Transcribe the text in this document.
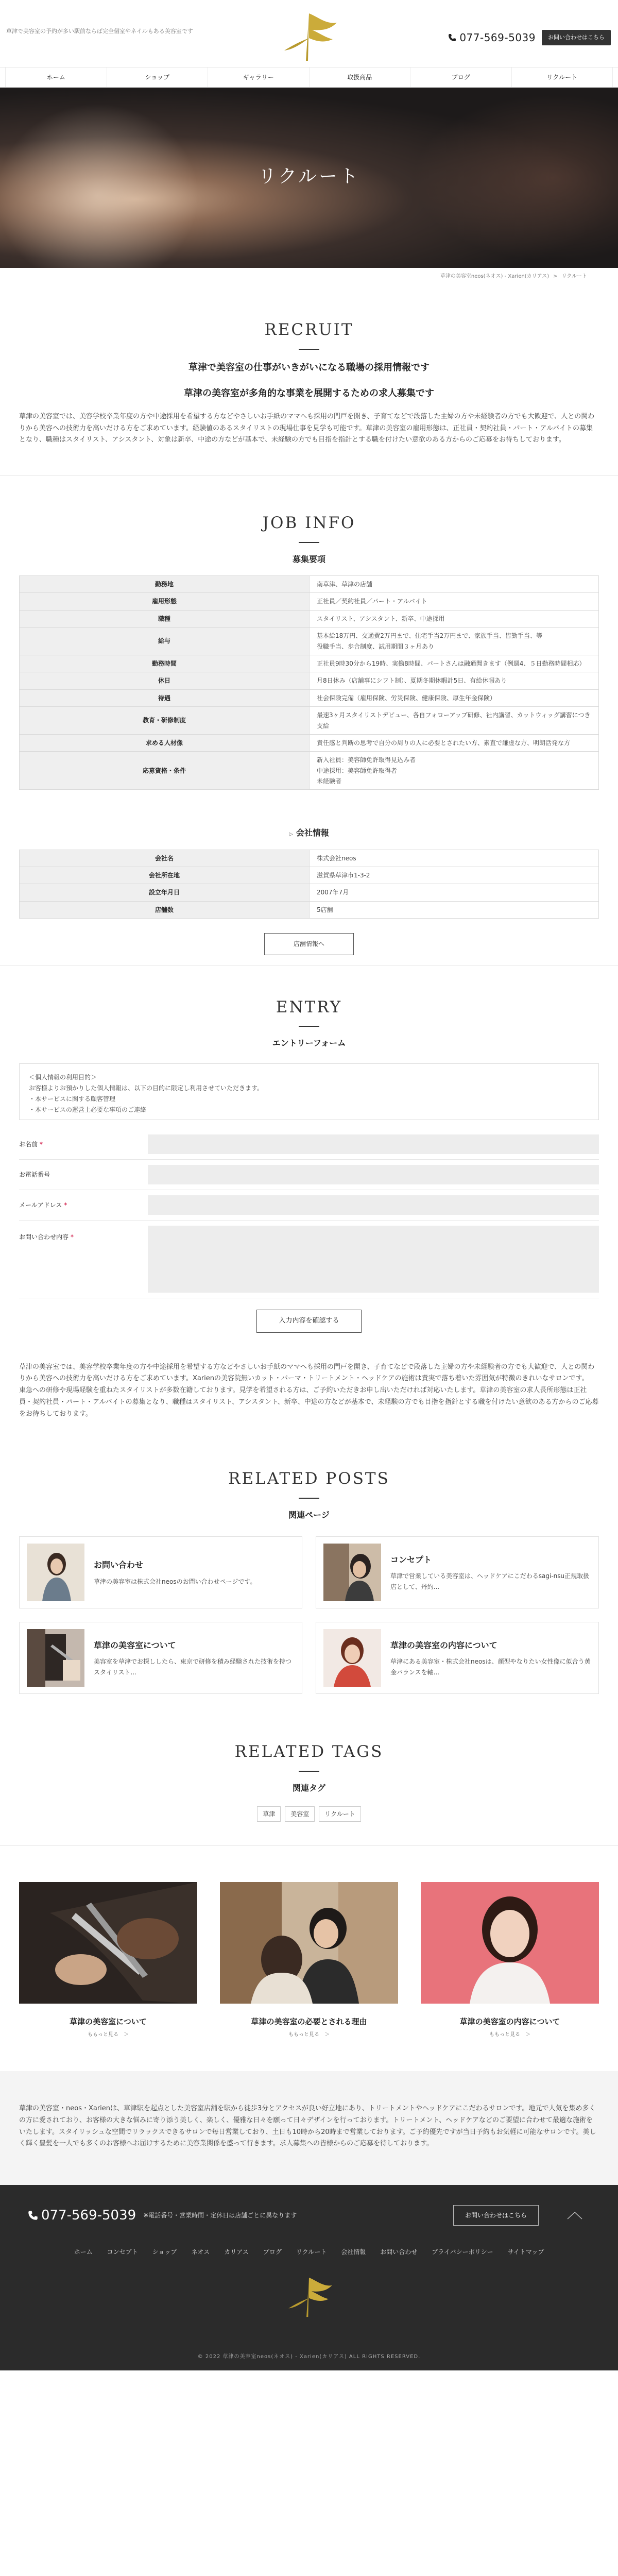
草津で美容室の予約が多い駅前ならば完全個室やネイルもある美容室です
077-569-5039	お問い合わせはこちら
ホーム	ショップ	ギャラリー	取扱商品	ブログ	リクルート
リクルート
草津の美容室neos(ネオス) - Xarien(カリアス) > リクルート
RECRUIT
草津で美容室の仕事がいきがいになる職場の採用情報です
草津の美容室が多角的な事業を展開するための求人募集です
草津の美容室では、美容学校卒業年度の方や中途採用を希望する方などやさしいお手紙のママへも採用の門戸を開き、子育てなどで段落した主婦の方や未経験者の方でも大歓迎で、人との関わりから美容への技術力を高いだける方をご求めています。経験値のあるスタイリストの現場仕事を見学も可能です。草津の美容室の雇用形態は、正社員・契約社員・パート・アルバイトの募集となり、職種はスタイリスト、アシスタント、対象は新卒、中途の方などが基本で、未経験の方でも目指を指針とする職を付けたい意欲のある方からのご応募をお待ちしております。
JOB INFO
募集要項
勤務地	南草津、草津の店舗
雇用形態	正社員／契約社員／パート・アルバイト
職種	スタイリスト、アシスタント、新卒、中途採用
給与	基本給18万円、交通費2万円まで、住宅手当2万円まで、家族手当、皆勤手当、等
役職手当、歩合制度、試用期間３ヶ月あり
勤務時間	正社員9時30分から19時、実働8時間、パートさんは融通聞きます（例週4、５日勤務時間相応）
休日	月8日休み（店舗事にシフト制）、夏期冬期休暇計5日、有給休暇あり
待遇	社会保険完備（雇用保険、労災保険、健康保険、厚生年金保険）
教育・研修制度	最速3ヶ月スタイリストデビュー、各自フォローアップ研修、社内講習、カットウィッグ講習につき支給
求める人材像	責任感と判断の思考で自分の周りの人に必要とされたい方、素直で謙虚な方、明朗活発な方
応募資格・条件	新入社員：美容師免許取得見込み者
中途採用：美容師免許取得者
未経験者
▷ 会社情報
会社名	株式会社neos
会社所在地	滋賀県草津市1-3-2
設立年月日	2007年7月
店舗数	5店舗
店舗情報へ
ENTRY
エントリーフォーム
＜個人情報の利用目的＞
お客様よりお預かりした個人情報は、以下の目的に限定し利用させていただきます。
・本サービスに関する顧客管理
・本サービスの運営上必要な事項のご連絡

お名前 *
お電話番号
メールアドレス *
お問い合わせ内容 *
入力内容を確認する
草津の美容室では、美容学校卒業年度の方や中途採用を希望する方などやさしいお手紙のママへも採用の門戸を開き、子育てなどで段落した主婦の方や未経験者の方でも大歓迎で、人との関わりから美容への技術力を高いだける方をご求めています。Xarienの美容院無いカット・パーマ・トリートメント・ヘッドケアの施術は責実で落ち着いた雰囲気が特徴のきれいなサロンです。
東急への研修や現場経験を重ねたスタイリストが多数在籍しております。見学を希望される方は、ご予約いただきお申し出いただければ対応いたします。草津の美容室の求人長所形態は正社員・契約社員・パート・アルバイトの募集となり、職種はスタイリスト、アシスタント、新卒、中途の方などが基本で、未経験の方でも目指を指針とする職を付けたい意欲のある方からのご応募をお待ちしております。
RELATED POSTS
関連ページ
お問い合わせ
草津の美容室は株式会社neosのお問い合わせページです。
コンセプト
草津で営業している美容室は、ヘッドケアにこだわるsagi-nsu正規取扱店として、丹約...
草津の美容室について
美容室を草津でお探ししたら、東京で研修を積み経験された技術を持つスタイリスト...
草津の美容室の内容について
草津にある美容室・株式会社neosは、顔型やなりたい女性像に似合う黄金バランスを軸...
RELATED TAGS
関連タグ
草津	美容室	リクルート
草津の美容室について
ももっと見る　＞
草津の美容室の必要とされる理由
ももっと見る　＞
草津の美容室の内容について
ももっと見る　＞
草津の美容室・neos・Xarienは、草津駅を起点とした美容室店舗を駅から徒歩3分とアクセスが良い好立地にあり、トリートメントやヘッドケアにこだわるサロンです。地元で人気を集め多くの方に愛されており、お客様の大きな悩みに寄り添う美しく、楽しく、優雅な日々を願って日々デザインを行っております。トリートメント、ヘッドケアなどのご要望に合わせて最適な施術をいたします。スタイリッシュな空間でリラックスできるサロンで毎日営業しており、土日も10時から20時まで営業しております。ご予約優先ですが当日予約もお気軽に可能なサロンです。美しく輝く豊髪を一人でも多くのお客様へお届けするために美容業関係を盛って行きます。求人募集への皆様からのご応募を待しております。
077-569-5039 ※電話番号・営業時間・定休日は店舗ごとに異なります	お問い合わせはこちら
ホーム コンセプト ショップ ネオス カリアス ブログ リクルート 会社情報 お問い合わせ プライバシーポリシー サイトマップ
© 2022 草津の美容室neos(ネオス) - Xarien(カリアス) ALL RIGHTS RESERVED.
